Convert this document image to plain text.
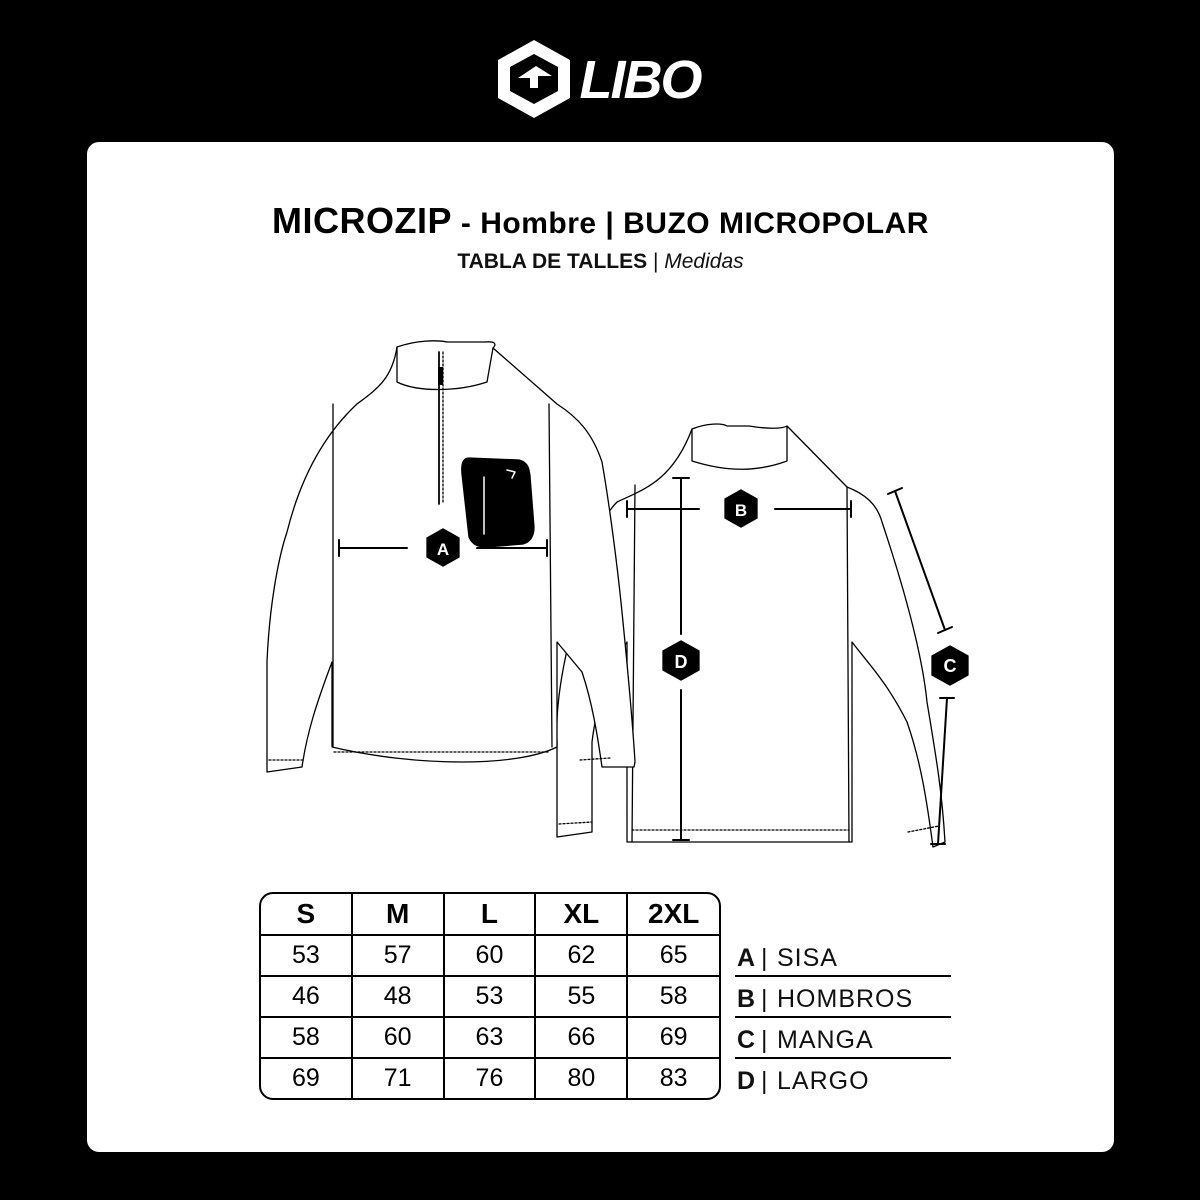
LIBO
MICROZIP - Hombre | BUZO MICROPOLAR
TABLA DE TALLES | Medidas
A
B
D	C
S	M	L	XL	2XL
53	57	60	62	65
46	48	53	55	58
58	60	63	66	69
69	71	76	80	83
A | SISA
B | HOMBROS
C | MANGA
D | LARGO
